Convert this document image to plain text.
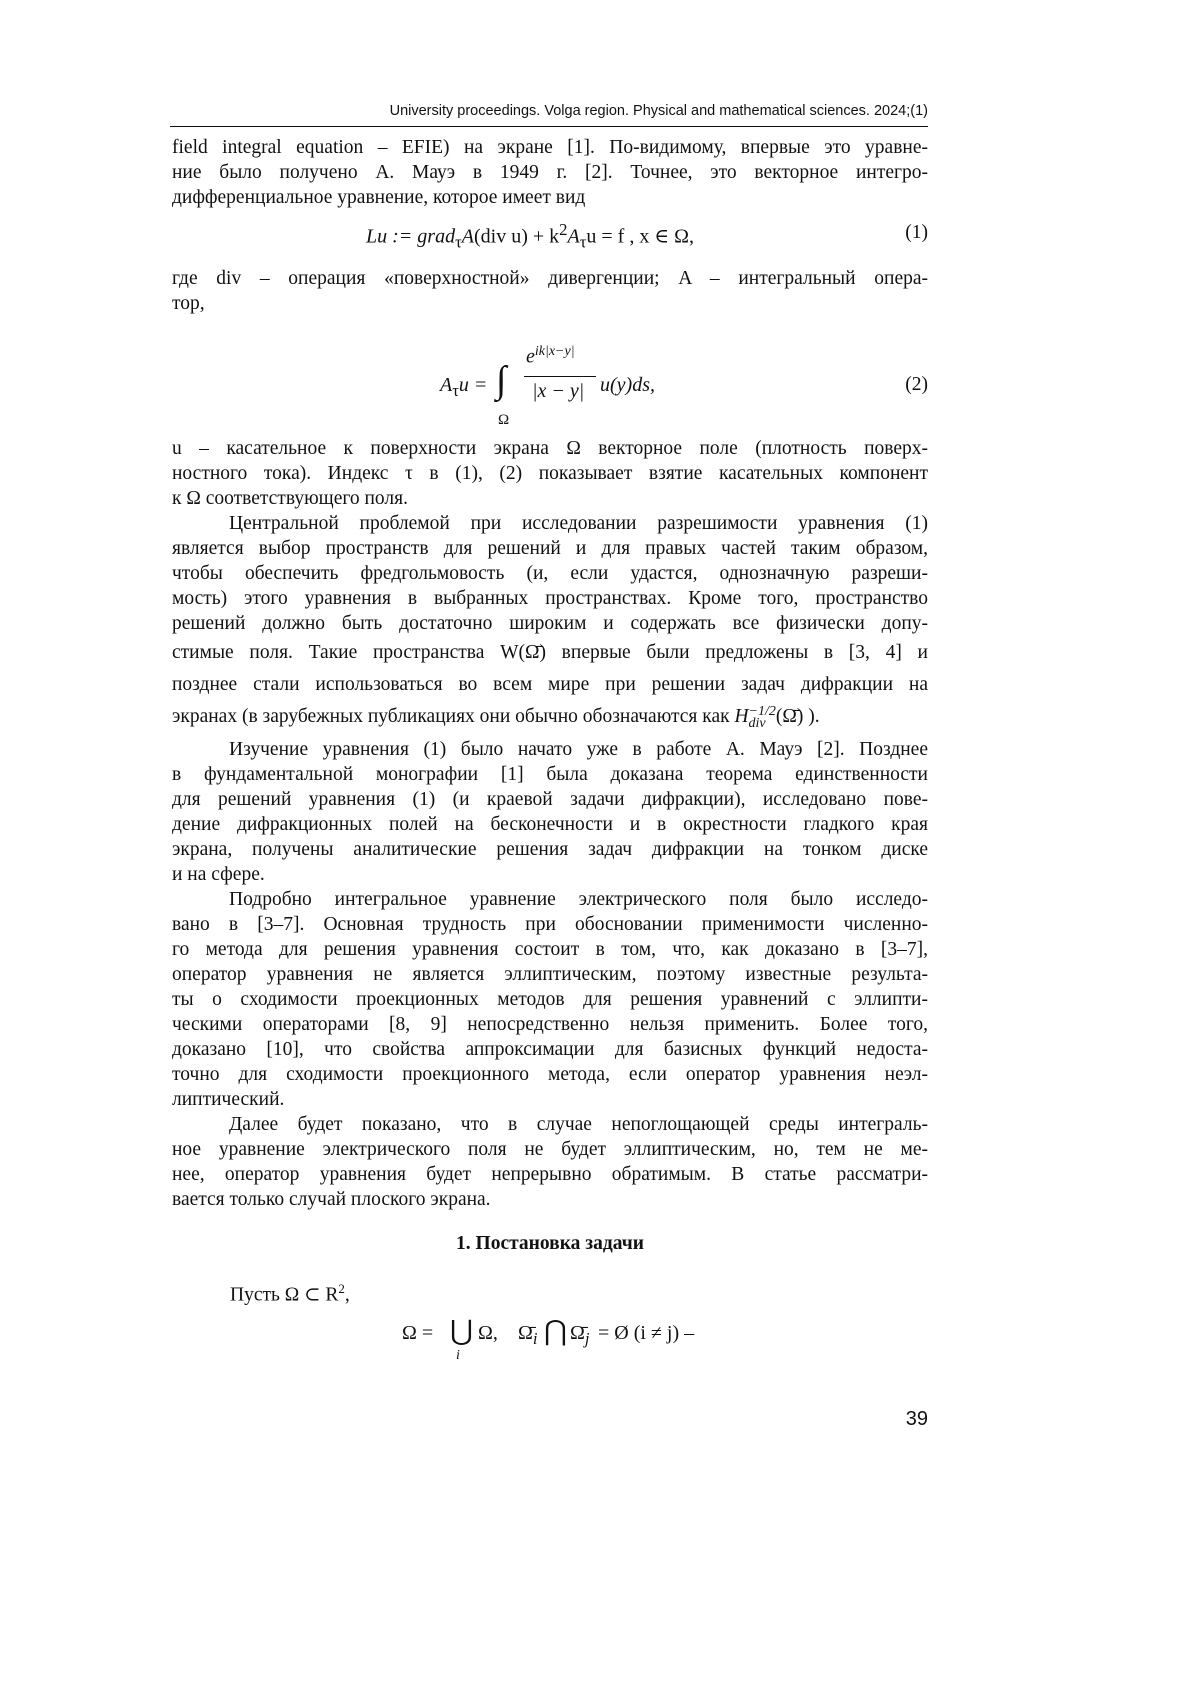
University proceedings. Volga region. Physical and mathematical sciences. 2024;(1)
field integral equation – EFIE) на экране [1]. По-видимому, впервые это уравне-
ние было получено А. Мауэ в 1949 г. [2]. Точнее, это векторное интегро-
дифференциальное уравнение, которое имеет вид
Lu := grad$_\tau$A(div $u) + k^2A_\tau u = f$ , x ∈ Ω,	(1)
где div – операция «поверхностной» дивергенции; A – интегральный опера-
тор,
$A_\tau u$ = ∫
Ω
$e^{ik|x-y|}$
|x − y| u(y)ds,	(2)
u – касательное к поверхности экрана Ω векторное поле (плотность поверх-
ностного тока). Индекс τ в (1), (2) показывает взятие касательных компонент
к Ω соответствующего поля.
Центральной проблемой при исследовании разрешимости уравнения (1)
является выбор пространств для решений и для правых частей таким образом,
чтобы обеспечить фредгольмовость (и, если удастся, однозначную разреши-
мость) этого уравнения в выбранных пространствах. Кроме того, пространство
решений должно быть достаточно широким и содержать все физически допу-
стимые поля. Такие пространства W(Ω̄) впервые были предложены в [3, 4] и
позднее стали использоваться во всем мире при решении задач дифракции на
экранах (в зарубежных публикациях они обычно обозначаются как H −1/2
div (Ω̄) ).
Изучение уравнения (1) было начато уже в работе А. Мауэ [2]. Позднее
в фундаментальной монографии [1] была доказана теорема единственности
для решений уравнения (1) (и краевой задачи дифракции), исследовано пове-
дение дифракционных полей на бесконечности и в окрестности гладкого края
экрана, получены аналитические решения задач дифракции на тонком диске
и на сфере.
Подробно интегральное уравнение электрического поля было исследо-
вано в [3–7]. Основная трудность при обосновании применимости численно-
го метода для решения уравнения состоит в том, что, как доказано в [3–7],
оператор уравнения не является эллиптическим, поэтому известные результа-
ты о сходимости проекционных методов для решения уравнений с эллипти-
ческими операторами [8, 9] непосредственно нельзя применить. Более того,
доказано [10], что свойства аппроксимации для базисных функций недоста-
точно для сходимости проекционного метода, если оператор уравнения неэл-
липтический.
Далее будет показано, что в случае непоглощающей среды интеграль-
ное уравнение электрического поля не будет эллиптическим, но, тем не ме-
нее, оператор уравнения будет непрерывно обратимым. В статье рассматри-
вается только случай плоского экрана.
1. Постановка задачи
Пусть Ω ⊂ $R^2$,
Ω = ⋃
i
Ω, $\Omegā_i$ ⋂ $\Omegā_j$ = Ø (i ≠ j) –
39
